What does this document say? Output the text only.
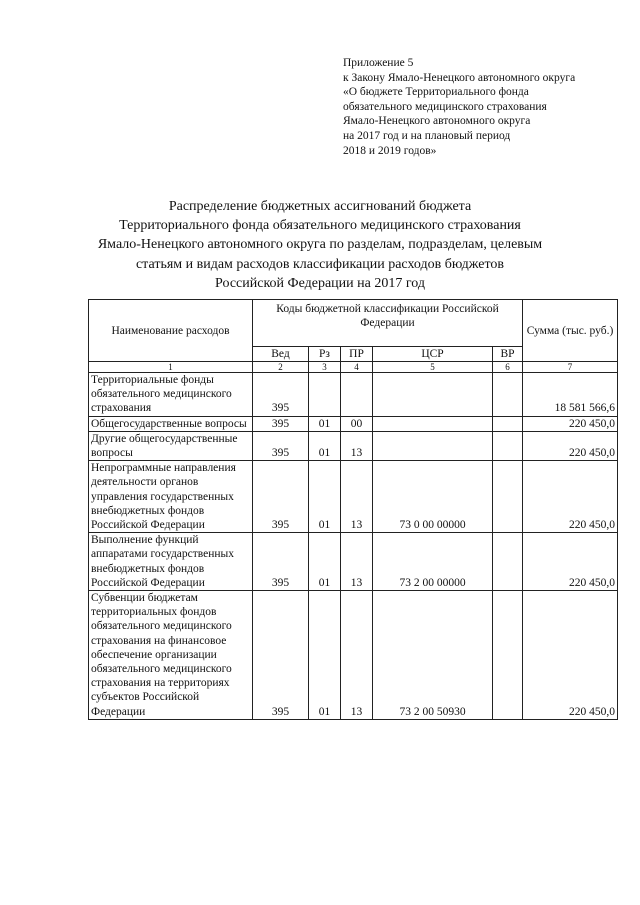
Приложение 5
к Закону Ямало-Ненецкого автономного округа
«О бюджете Территориального фонда
обязательного медицинского страхования
Ямало-Ненецкого автономного округа
на 2017 год и на плановый период
2018 и 2019 годов»
Распределение бюджетных ассигнований бюджета
Территориального фонда обязательного медицинского страхования
Ямало-Ненецкого автономного округа по разделам, подразделам, целевым
статьям и видам расходов классификации расходов бюджетов
Российской Федерации на 2017 год
Наименование расходов	Коды бюджетной классификации Российской Федерации					Сумма (тыс. руб.)
	Вед	Рз	ПР	ЦСР	ВР	
1	2	3	4	5	6	7
Территориальные фонды обязательного медицинского страхования	395					18 581 566,6
Общегосударственные вопросы	395	01	00			220 450,0
Другие общегосударственные вопросы	395	01	13			220 450,0
Непрограммные направления деятельности органов управления государственных внебюджетных фондов Российской Федерации	395	01	13	73 0 00 00000		220 450,0
Выполнение функций аппаратами государственных внебюджетных фондов Российской Федерации	395	01	13	73 2 00 00000		220 450,0
Субвенции бюджетам территориальных фондов обязательного медицинского страхования на финансовое обеспечение организации обязательного медицинского страхования на территориях субъектов Российской Федерации	395	01	13	73 2 00 50930		220 450,0
